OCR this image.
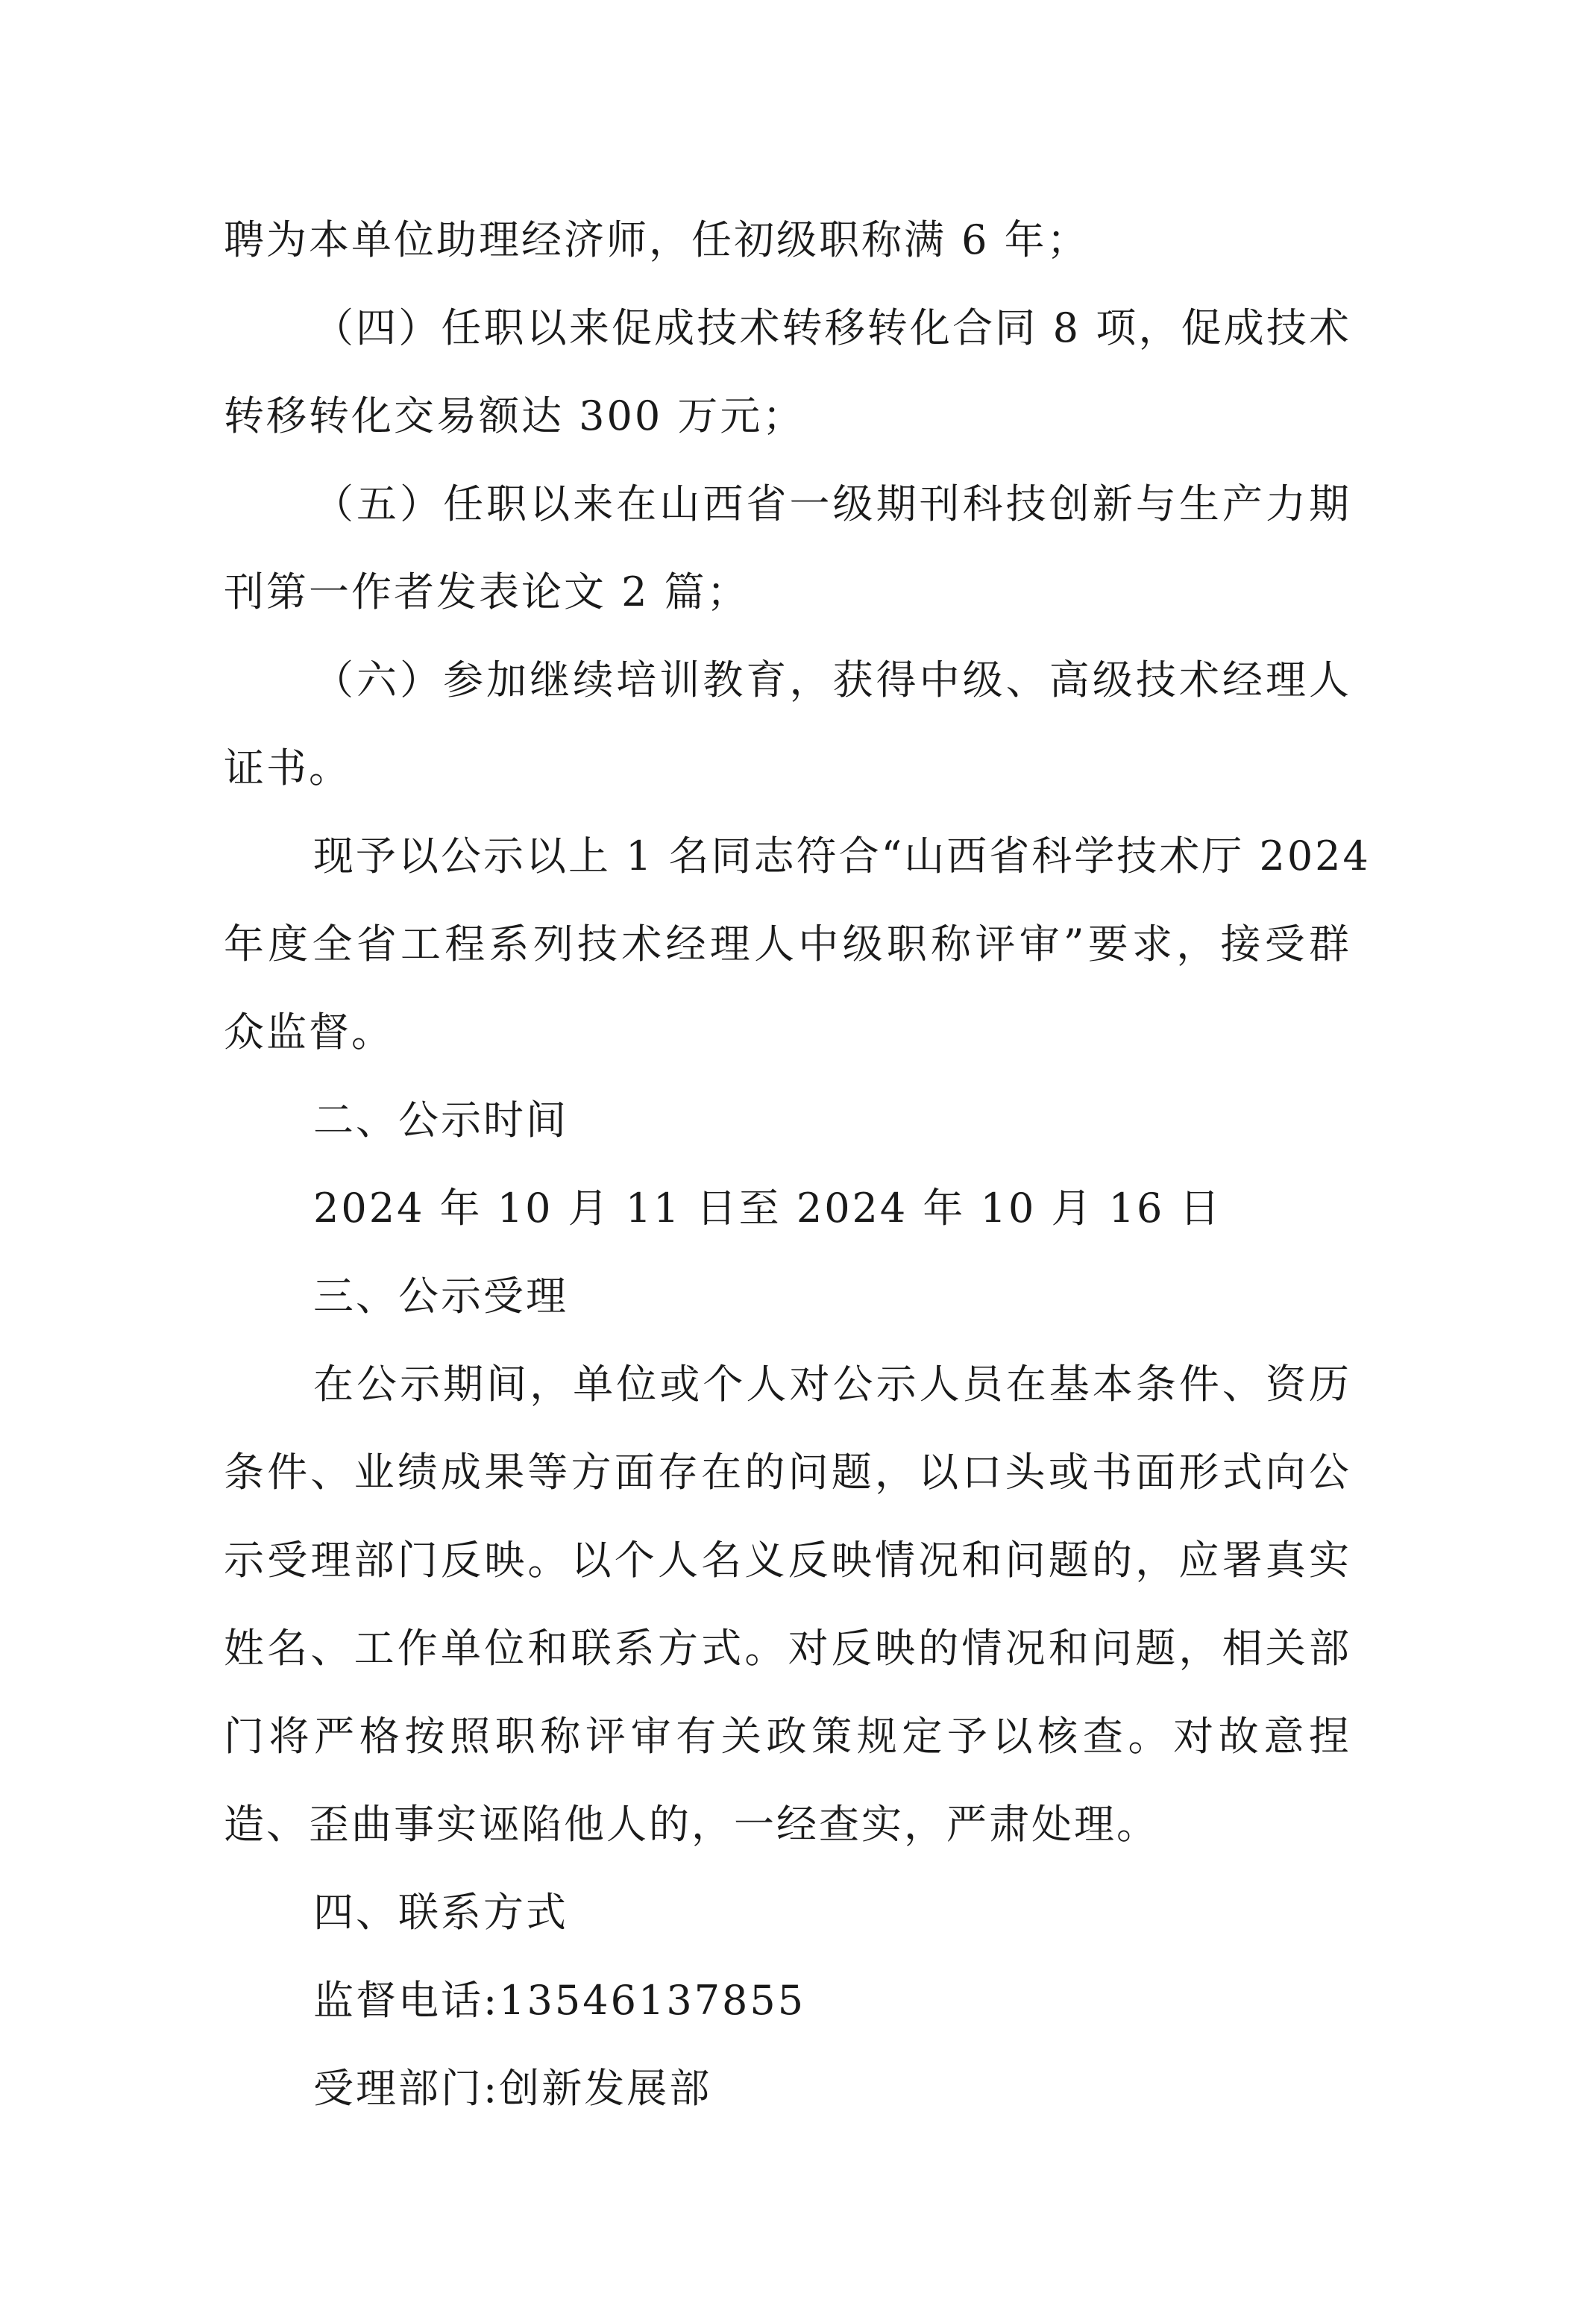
聘为本单位助理经济师，任初级职称满 6 年；
（四）任职以来促成技术转移转化合同 8 项，促成技术
转移转化交易额达 300 万元；
（五）任职以来在山西省一级期刊科技创新与生产力期
刊第一作者发表论文 2 篇；
（六）参加继续培训教育，获得中级、高级技术经理人
证书。
现予以公示以上 1 名同志符合“山西省科学技术厅 2024
年度全省工程系列技术经理人中级职称评审”要求，接受群
众监督。
二、公示时间
2024 年 10 月 11 日至 2024 年 10 月 16 日
三、公示受理
在公示期间，单位或个人对公示人员在基本条件、资历
条件、业绩成果等方面存在的问题，以口头或书面形式向公
示受理部门反映。以个人名义反映情况和问题的，应署真实
姓名、工作单位和联系方式。对反映的情况和问题，相关部
门将严格按照职称评审有关政策规定予以核查。对故意捏
造、歪曲事实诬陷他人的，一经查实，严肃处理。
四、联系方式
监督电话:13546137855
受理部门:创新发展部
